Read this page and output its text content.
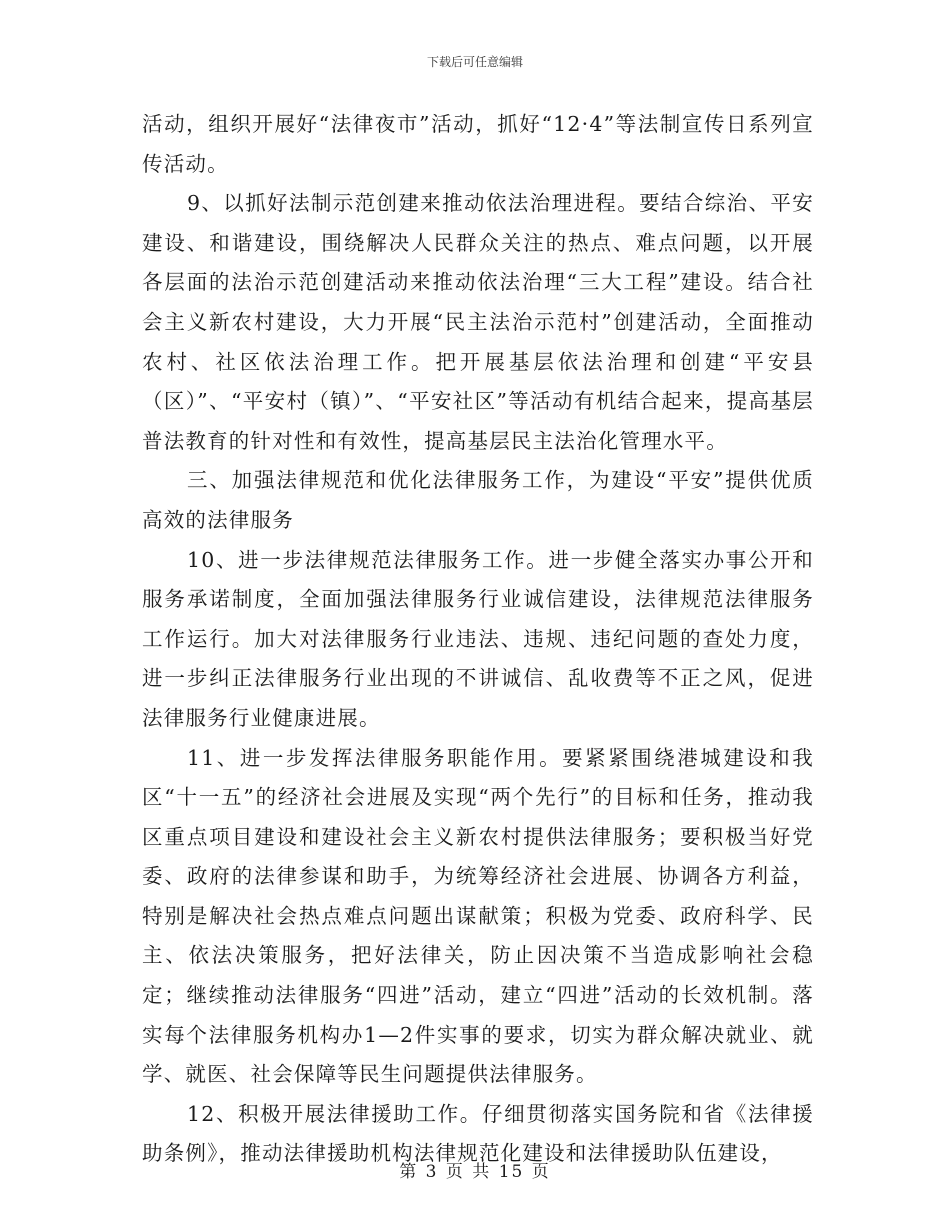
下载后可任意编辑

活动，组织开展好“法律夜市”活动，抓好“12·4”等法制宣传日系列宣传活动。

9、以抓好法制示范创建来推动依法治理进程。要结合综治、平安建设、和谐建设，围绕解决人民群众关注的热点、难点问题，以开展各层面的法治示范创建活动来推动依法治理“三大工程”建设。结合社会主义新农村建设，大力开展“民主法治示范村”创建活动，全面推动农村、社区依法治理工作。把开展基层依法治理和创建“平安县（区）”、“平安村（镇）”、“平安社区”等活动有机结合起来，提高基层普法教育的针对性和有效性，提高基层民主法治化管理水平。

三、加强法律规范和优化法律服务工作，为建设“平安”提供优质高效的法律服务

10、进一步法律规范法律服务工作。进一步健全落实办事公开和服务承诺制度，全面加强法律服务行业诚信建设，法律规范法律服务工作运行。加大对法律服务行业违法、违规、违纪问题的查处力度，进一步纠正法律服务行业出现的不讲诚信、乱收费等不正之风，促进法律服务行业健康进展。

11、进一步发挥法律服务职能作用。要紧紧围绕港城建设和我区“十一五”的经济社会进展及实现“两个先行”的目标和任务，推动我区重点项目建设和建设社会主义新农村提供法律服务；要积极当好党委、政府的法律参谋和助手，为统筹经济社会进展、协调各方利益，特别是解决社会热点难点问题出谋献策；积极为党委、政府科学、民主、依法决策服务，把好法律关，防止因决策不当造成影响社会稳定；继续推动法律服务“四进”活动，建立“四进”活动的长效机制。落实每个法律服务机构办1—2件实事的要求，切实为群众解决就业、就学、就医、社会保障等民生问题提供法律服务。

12、积极开展法律援助工作。仔细贯彻落实国务院和省《法律援助条例》，推动法律援助机构法律规范化建设和法律援助队伍建设，

第 3 页 共 15 页
